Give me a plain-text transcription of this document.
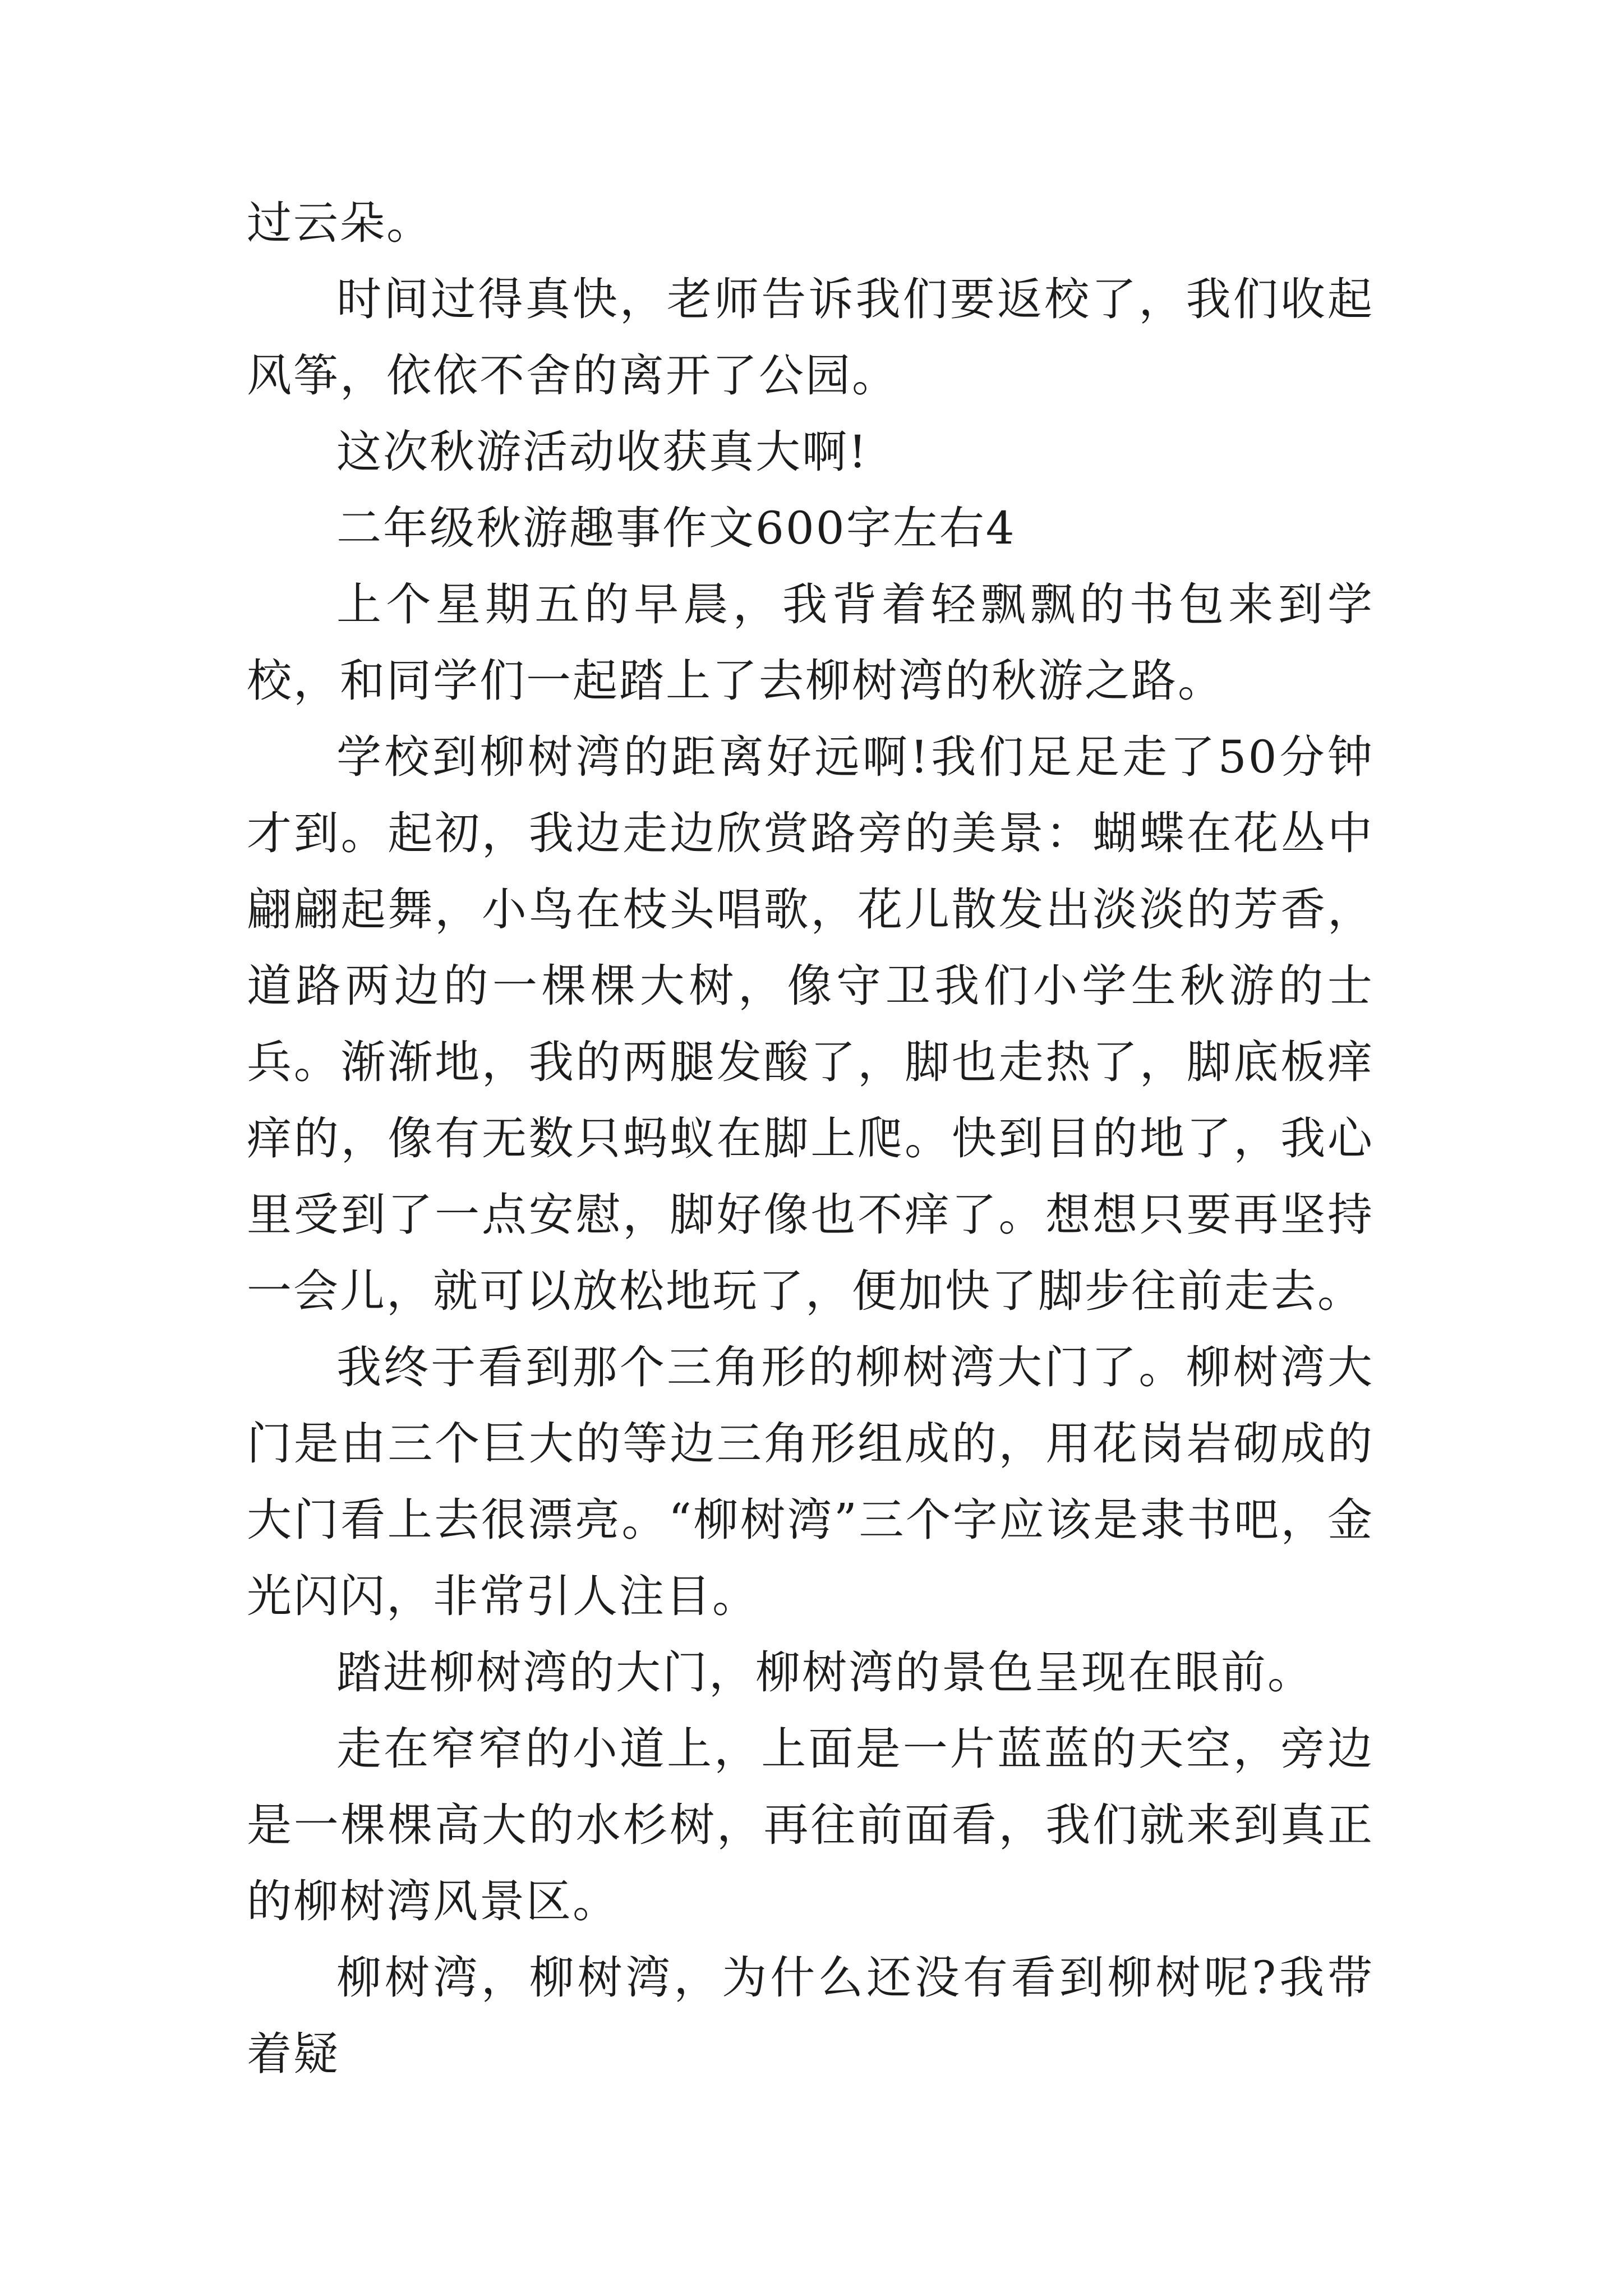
过云朵。

时间过得真快，老师告诉我们要返校了，我们收起风筝，依依不舍的离开了公园。

这次秋游活动收获真大啊!

二年级秋游趣事作文600字左右4

上个星期五的早晨，我背着轻飘飘的书包来到学校，和同学们一起踏上了去柳树湾的秋游之路。

学校到柳树湾的距离好远啊!我们足足走了50分钟才到。起初，我边走边欣赏路旁的美景：蝴蝶在花丛中翩翩起舞，小鸟在枝头唱歌，花儿散发出淡淡的芳香，道路两边的一棵棵大树，像守卫我们小学生秋游的士兵。渐渐地，我的两腿发酸了，脚也走热了，脚底板痒痒的，像有无数只蚂蚁在脚上爬。快到目的地了，我心里受到了一点安慰，脚好像也不痒了。想想只要再坚持一会儿，就可以放松地玩了，便加快了脚步往前走去。

我终于看到那个三角形的柳树湾大门了。柳树湾大门是由三个巨大的等边三角形组成的，用花岗岩砌成的大门看上去很漂亮。“柳树湾”三个字应该是隶书吧，金光闪闪，非常引人注目。

踏进柳树湾的大门，柳树湾的景色呈现在眼前。

走在窄窄的小道上，上面是一片蓝蓝的天空，旁边是一棵棵高大的水杉树，再往前面看，我们就来到真正的柳树湾风景区。

柳树湾，柳树湾，为什么还没有看到柳树呢?我带着疑
